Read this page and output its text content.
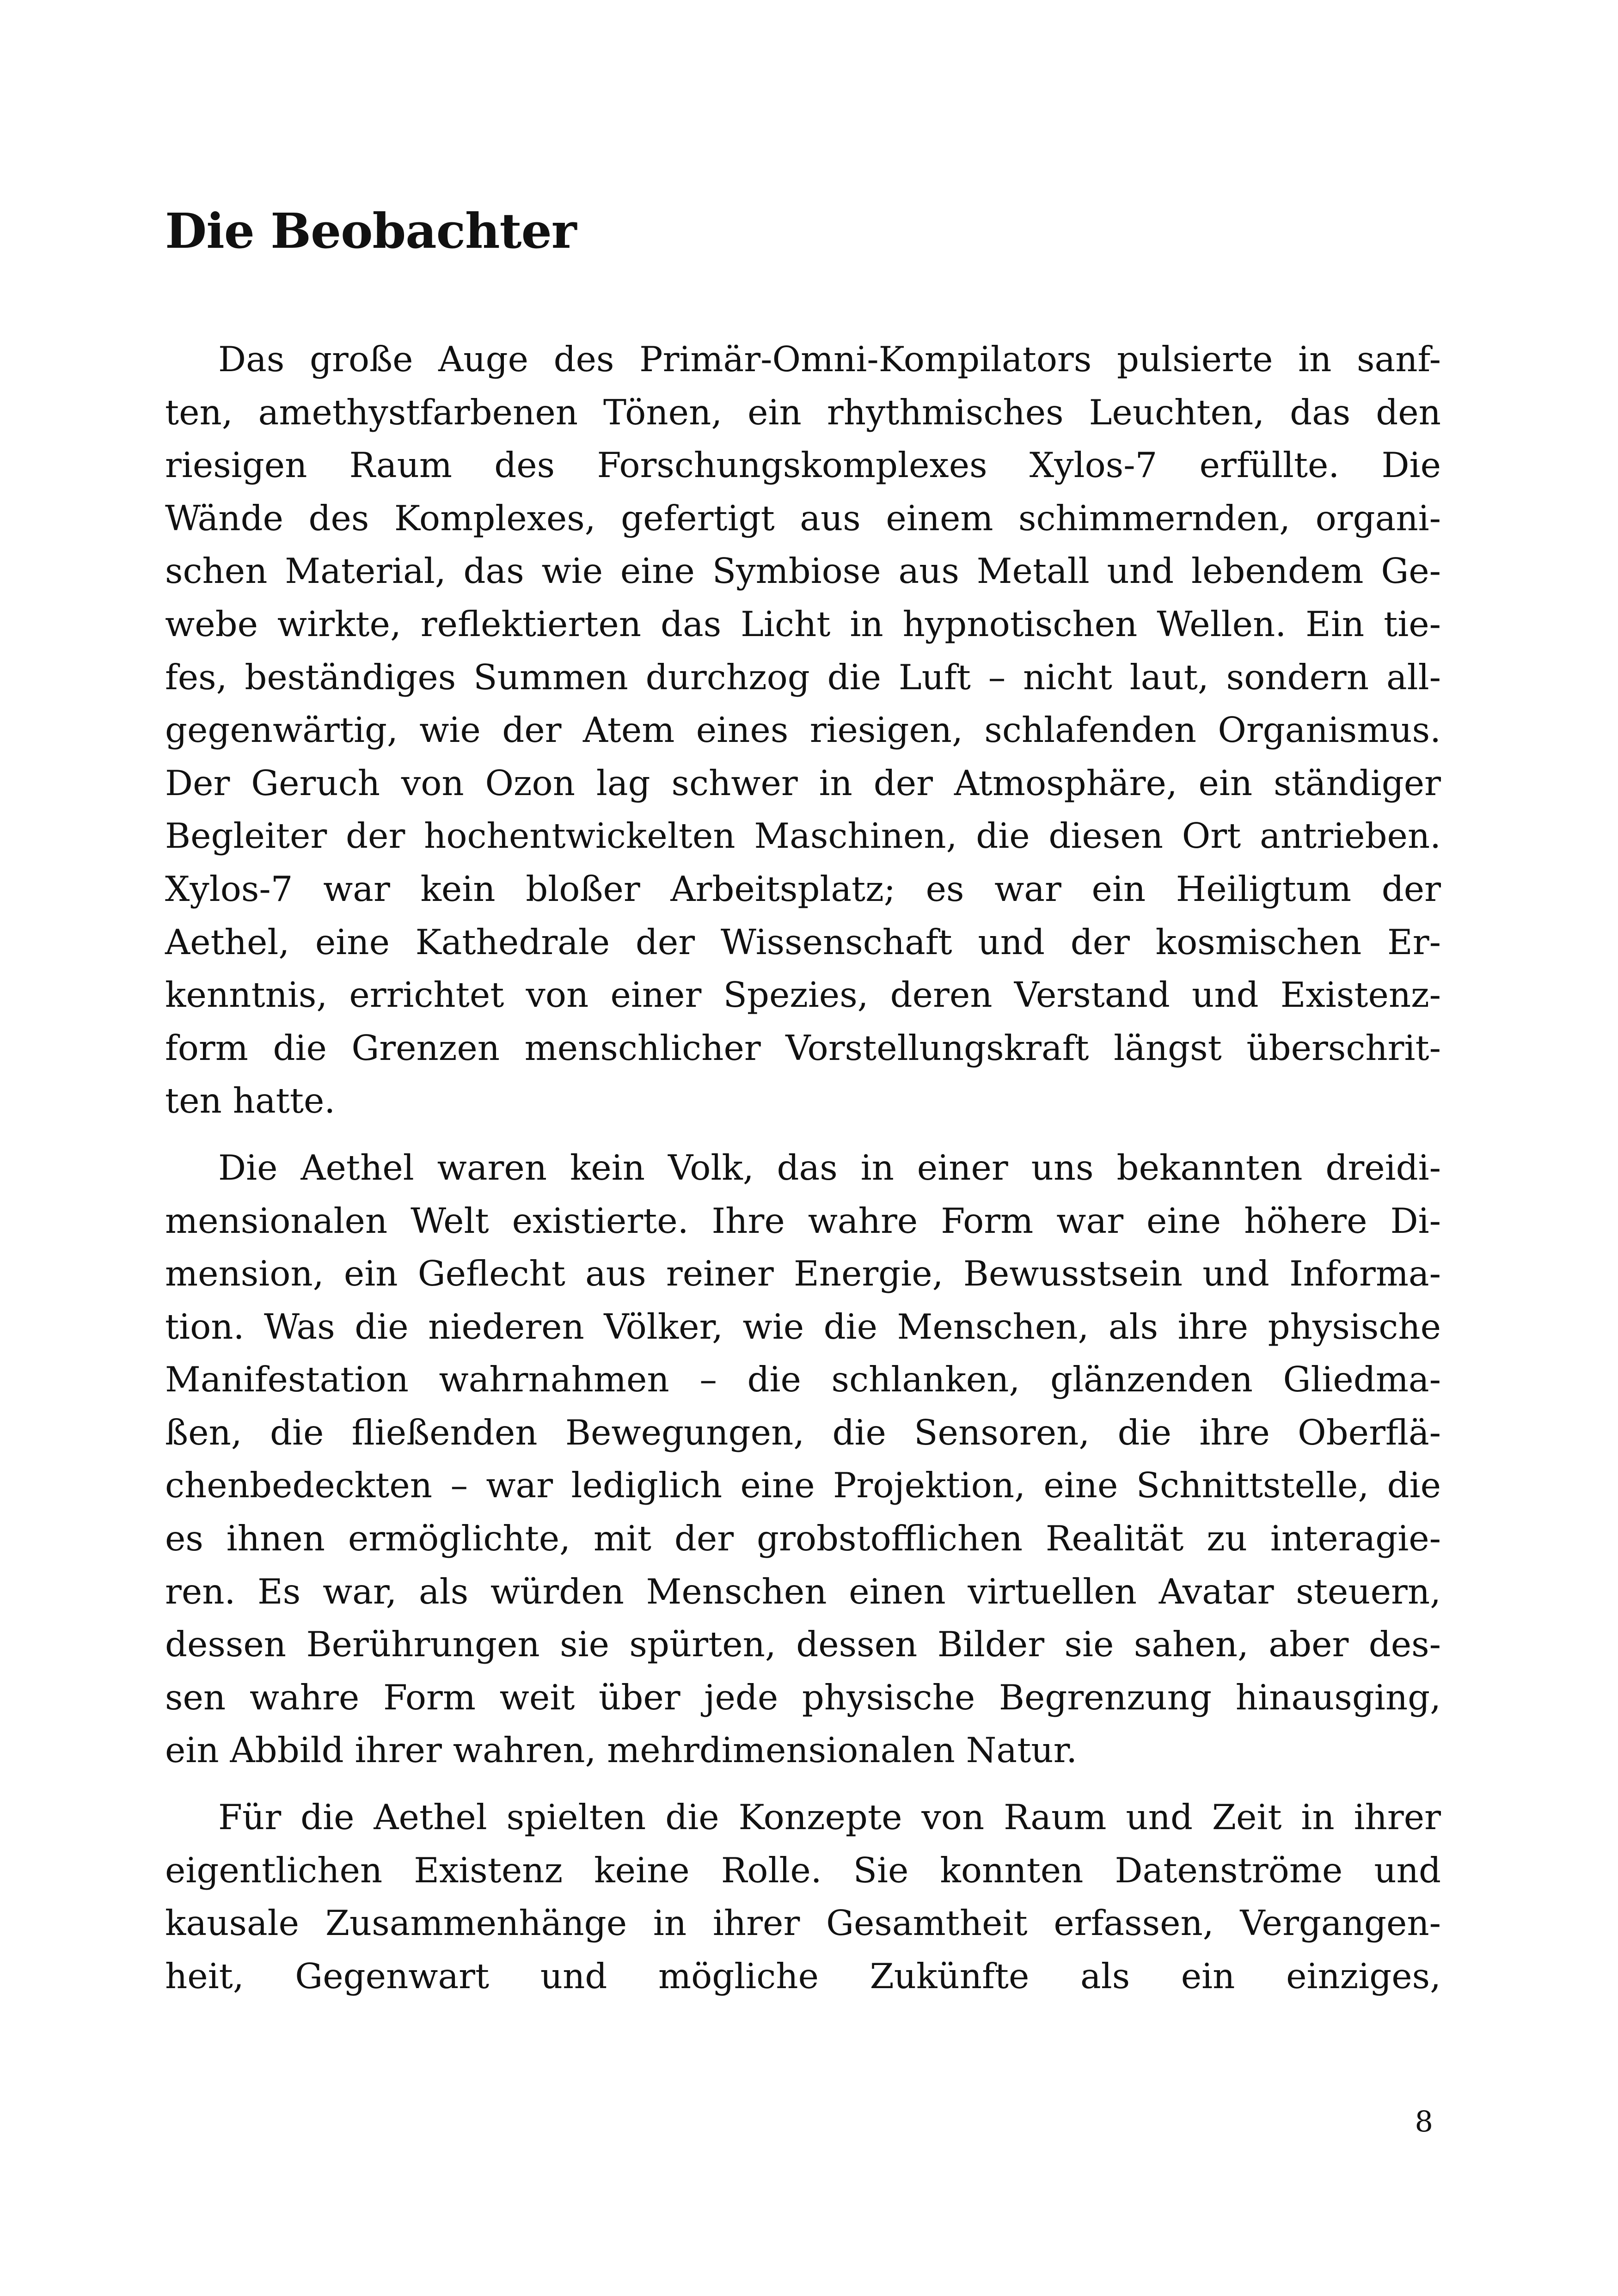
Die Beobachter
Das große Auge des Primär-Omni-Kompilators pulsierte in sanf-
ten, amethystfarbenen Tönen, ein rhythmisches Leuchten, das den
riesigen Raum des Forschungskomplexes Xylos-7 erfüllte. Die
Wände des Komplexes, gefertigt aus einem schimmernden, organi-
schen Material, das wie eine Symbiose aus Metall und lebendem Ge-
webe wirkte, reflektierten das Licht in hypnotischen Wellen. Ein tie-
fes, beständiges Summen durchzog die Luft – nicht laut, sondern all-
gegenwärtig, wie der Atem eines riesigen, schlafenden Organismus.
Der Geruch von Ozon lag schwer in der Atmosphäre, ein ständiger
Begleiter der hochentwickelten Maschinen, die diesen Ort antrieben.
Xylos-7 war kein bloßer Arbeitsplatz; es war ein Heiligtum der
Aethel, eine Kathedrale der Wissenschaft und der kosmischen Er-
kenntnis, errichtet von einer Spezies, deren Verstand und Existenz-
form die Grenzen menschlicher Vorstellungskraft längst überschrit-
ten hatte.
Die Aethel waren kein Volk, das in einer uns bekannten dreidi-
mensionalen Welt existierte. Ihre wahre Form war eine höhere Di-
mension, ein Geflecht aus reiner Energie, Bewusstsein und Informa-
tion. Was die niederen Völker, wie die Menschen, als ihre physische
Manifestation wahrnahmen – die schlanken, glänzenden Gliedma-
ßen, die fließenden Bewegungen, die Sensoren, die ihre Oberflä-
chenbedeckten – war lediglich eine Projektion, eine Schnittstelle, die
es ihnen ermöglichte, mit der grobstofflichen Realität zu interagie-
ren. Es war, als würden Menschen einen virtuellen Avatar steuern,
dessen Berührungen sie spürten, dessen Bilder sie sahen, aber des-
sen wahre Form weit über jede physische Begrenzung hinausging,
ein Abbild ihrer wahren, mehrdimensionalen Natur.
Für die Aethel spielten die Konzepte von Raum und Zeit in ihrer
eigentlichen Existenz keine Rolle. Sie konnten Datenströme und
kausale Zusammenhänge in ihrer Gesamtheit erfassen, Vergangen-
heit, Gegenwart und mögliche Zukünfte als ein einziges,
8
